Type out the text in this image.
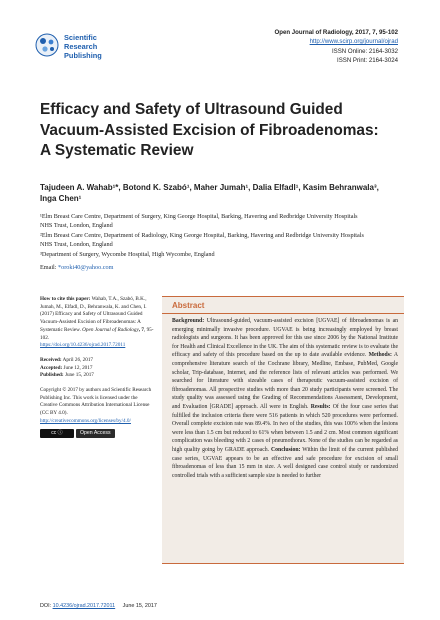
Scientific
Research
Publishing
Open Journal of Radiology, 2017, 7, 95-102
http://www.scirp.org/journal/ojrad
ISSN Online: 2164-3032
ISSN Print: 2164-3024
Efficacy and Safety of Ultrasound Guided
Vacuum-Assisted Excision of Fibroadenomas:
A Systematic Review
Tajudeen A. Wahab¹*, Botond K. Szabó¹, Maher Jumah¹, Dalia Elfadl¹, Kasim Behranwala³,
Inga Chen¹
¹Elm Breast Care Centre, Department of Surgery, King George Hospital, Barking, Havering and Redbridge University Hospitals
NHS Trust, London, England
²Elm Breast Care Centre, Department of Radiology, King George Hospital, Barking, Havering and Redbridge University Hospitals
NHS Trust, London, England
³Department of Surgery, Wycombe Hospital, High Wycombe, England
Email: *oroki40@yahoo.com
How to cite this paper: Wahab, T.A., Szabó, B.K., Jumah, M., Elfadl, D., Behranwala, K. and Chen, I. (2017) Efficacy and Safety of Ultrasound Guided Vacuum-Assisted Excision of Fibroadenomas: A Systematic Review. Open Journal of Radiology, 7, 95-102.
https://doi.org/10.4236/ojrad.2017.72011
Received: April 26, 2017
Accepted: June 12, 2017
Published: June 15, 2017
Copyright © 2017 by authors and Scientific Research Publishing Inc. This work is licensed under the Creative Commons Attribution International License (CC BY 4.0).
http://creativecommons.org/licenses/by/4.0/
cc ⓘ	Open Access
Abstract
Background: Ultrasound-guided, vacuum-assisted excision [UGVAE] of fibroadenomas is an emerging minimally invasive procedure. UGVAE is being increasingly employed by breast radiologists and surgeons. It has been approved for this use since 2006 by the National Institute for Health and Clinical Excellence in the UK. The aim of this systematic review is to evaluate the efficacy and safety of this procedure based on the up to date available evidence. Methods: A comprehensive literature search of the Cochrane library, Medline, Embase, PubMed, Google scholar, Trip-database, Internet, and the reference lists of relevant articles was performed. We searched for literature with sizeable cases of therapeutic vacuum-assisted excision of fibroadenomas. All prospective studies with more than 20 study participants were screened. The study quality was assessed using the Grading of Recommendations Assessment, Development, and Evaluation [GRADE] approach. All were in English. Results: Of the four case series that fulfilled the inclusion criteria there were 516 patients in which 520 procedures were performed. Overall complete excision rate was 89.4%. In two of the studies, this was 100% when the lesions were less than 1.5 cm but reduced to 61% when between 1.5 and 2 cm. Most common significant complication was bleeding with 2 cases of pneumothorax. None of the studies can be regarded as high quality going by GRADE approach. Conclusion: Within the limit of the current published case series, UGVAE appears to be an effective and safe procedure for excision of small fibroadenomas of less than 15 mm in size. A well designed case control study or randomized controlled trials with a sufficient sample size is needed to further
DOI: 10.4236/ojrad.2017.72011 June 15, 2017
